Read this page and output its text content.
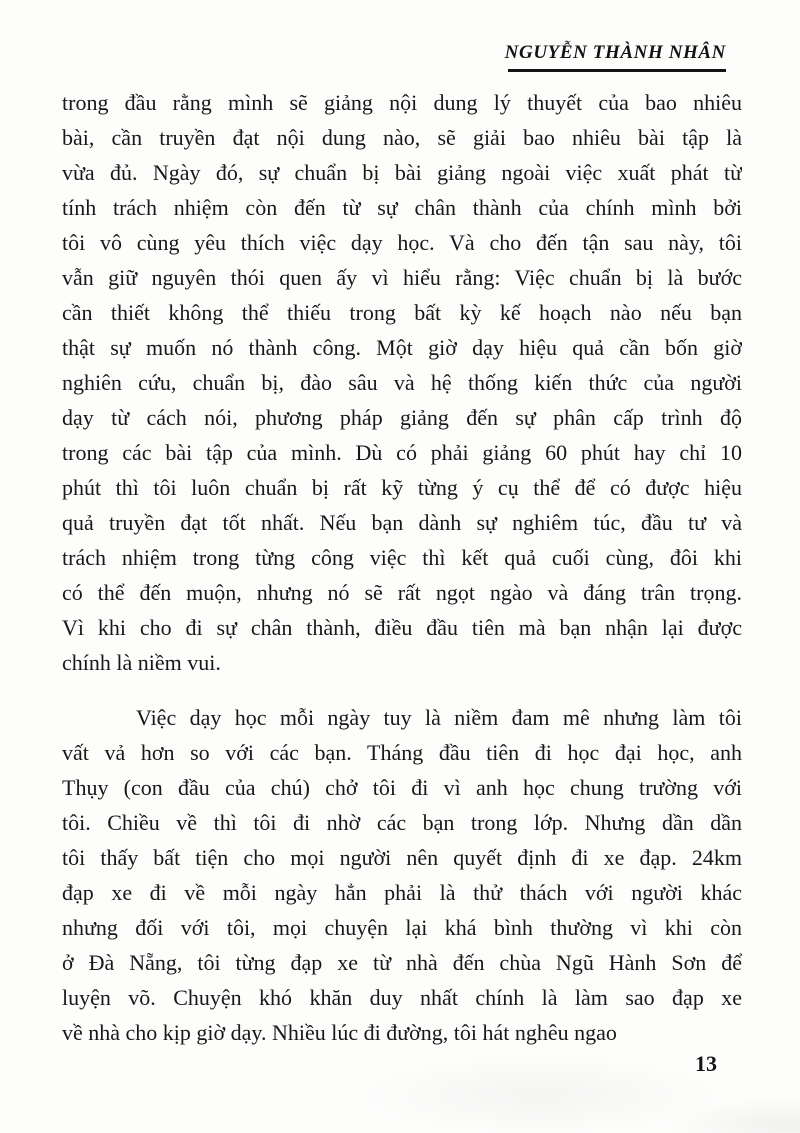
NGUYỄN THÀNH NHÂN
trong đầu rằng mình sẽ giảng nội dung lý thuyết của bao nhiêu
bài, cần truyền đạt nội dung nào, sẽ giải bao nhiêu bài tập là
vừa đủ. Ngày đó, sự chuẩn bị bài giảng ngoài việc xuất phát từ
tính trách nhiệm còn đến từ sự chân thành của chính mình bởi
tôi vô cùng yêu thích việc dạy học. Và cho đến tận sau này, tôi
vẫn giữ nguyên thói quen ấy vì hiểu rằng: Việc chuẩn bị là bước
cần thiết không thể thiếu trong bất kỳ kế hoạch nào nếu bạn
thật sự muốn nó thành công. Một giờ dạy hiệu quả cần bốn giờ
nghiên cứu, chuẩn bị, đào sâu và hệ thống kiến thức của người
dạy từ cách nói, phương pháp giảng đến sự phân cấp trình độ
trong các bài tập của mình. Dù có phải giảng 60 phút hay chỉ 10
phút thì tôi luôn chuẩn bị rất kỹ từng ý cụ thể để có được hiệu
quả truyền đạt tốt nhất. Nếu bạn dành sự nghiêm túc, đầu tư và
trách nhiệm trong từng công việc thì kết quả cuối cùng, đôi khi
có thể đến muộn, nhưng nó sẽ rất ngọt ngào và đáng trân trọng.
Vì khi cho đi sự chân thành, điều đầu tiên mà bạn nhận lại được
chính là niềm vui.
Việc dạy học mỗi ngày tuy là niềm đam mê nhưng làm tôi
vất vả hơn so với các bạn. Tháng đầu tiên đi học đại học, anh
Thụy (con đầu của chú) chở tôi đi vì anh học chung trường với
tôi. Chiều về thì tôi đi nhờ các bạn trong lớp. Nhưng dần dần
tôi thấy bất tiện cho mọi người nên quyết định đi xe đạp. 24km
đạp xe đi về mỗi ngày hẳn phải là thử thách với người khác
nhưng đối với tôi, mọi chuyện lại khá bình thường vì khi còn
ở Đà Nẵng, tôi từng đạp xe từ nhà đến chùa Ngũ Hành Sơn để
luyện võ. Chuyện khó khăn duy nhất chính là làm sao đạp xe
về nhà cho kịp giờ dạy. Nhiều lúc đi đường, tôi hát nghêu ngao
13
